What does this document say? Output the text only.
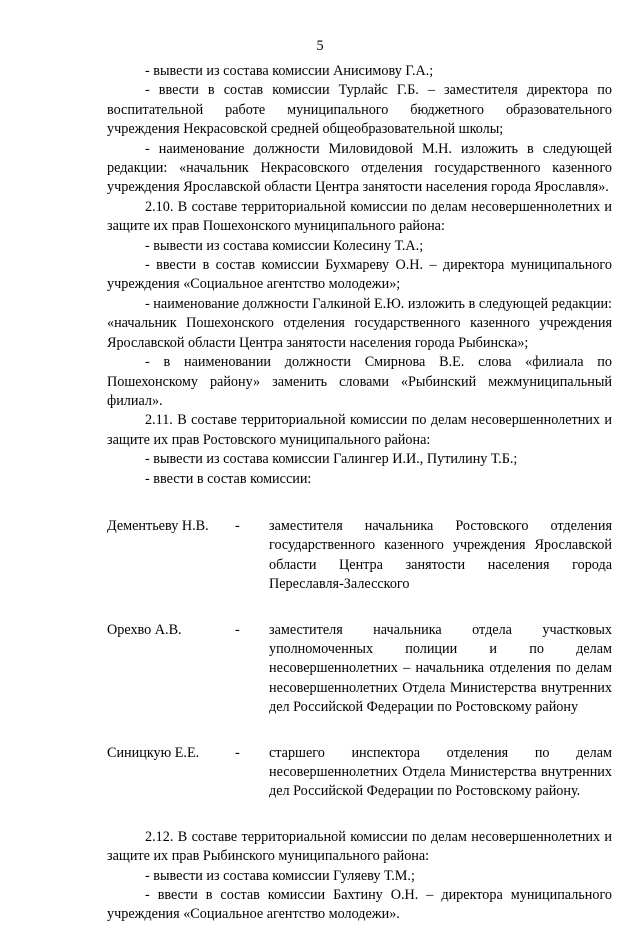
5

- вывести из состава комиссии Анисимову Г.А.;

- ввести в состав комиссии Турлайс Г.Б. – заместителя директора по воспитательной работе муниципального бюджетного образовательного учреждения Некрасовской средней общеобразовательной школы;

- наименование должности Миловидовой М.Н. изложить в следующей редакции: «начальник Некрасовского отделения государственного казенного учреждения Ярославской области Центра занятости населения города Ярославля».

2.10. В составе территориальной комиссии по делам несовершеннолетних и защите их прав Пошехонского муниципального района:

- вывести из состава комиссии Колесину Т.А.;

- ввести в состав комиссии Бухмареву О.Н. – директора муниципального учреждения «Социальное агентство молодежи»;

- наименование должности Галкиной Е.Ю. изложить в следующей редакции: «начальник Пошехонского отделения государственного казенного учреждения Ярославской области Центра занятости населения города Рыбинска»;

- в наименовании должности Смирнова В.Е. слова «филиала по Пошехонскому району» заменить словами «Рыбинский межмуниципальный филиал».

2.11. В составе территориальной комиссии по делам несовершеннолетних и защите их прав Ростовского муниципального района:

- вывести из состава комиссии Галингер И.И., Путилину Т.Б.;

- ввести в состав комиссии:

Дементьеву Н.В.	-	заместителя начальника Ростовского отделения государственного казенного учреждения Ярославской области Центра занятости населения города Переславля-Залесского
Орехво А.В.	-	заместителя начальника отдела участковых уполномоченных полиции и по делам несовершеннолетних – начальника отделения по делам несовершеннолетних Отдела Министерства внутренних дел Российской Федерации по Ростовскому району
Синицкую Е.Е.	-	старшего инспектора отделения по делам несовершеннолетних Отдела Министерства внутренних дел Российской Федерации по Ростовскому району.

2.12. В составе территориальной комиссии по делам несовершеннолетних и защите их прав Рыбинского муниципального района:

- вывести из состава комиссии Гуляеву Т.М.;

- ввести в состав комиссии Бахтину О.Н. – директора муниципального учреждения «Социальное агентство молодежи».
